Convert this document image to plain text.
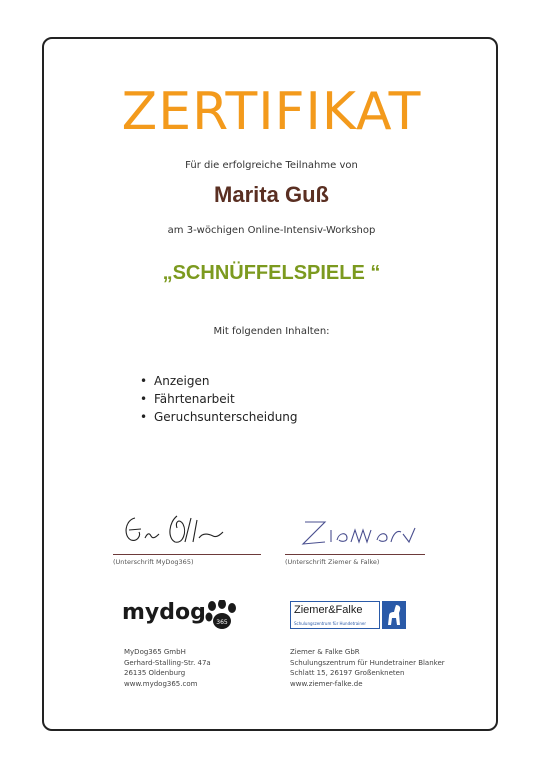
ZERTIFIKAT
Für die erfolgreiche Teilnahme von
Marita Guß
am 3-wöchigen Online-Intensiv-Workshop
„SCHNÜFFELSPIELE “
Mit folgenden Inhalten:
• Anzeigen
• Fährtenarbeit
• Geruchsunterscheidung
(Unterschrift MyDog365)	(Unterschrift Ziemer & Falke)
mydog 365
Ziemer&Falke
Schulungszentrum für Hundetrainer
MyDog365 GmbH
Gerhard-Stalling-Str. 47a
26135 Oldenburg
www.mydog365.com
Ziemer & Falke GbR
Schulungszentrum für Hundetrainer Blanker
Schlatt 15, 26197 Großenkneten
www.ziemer-falke.de
